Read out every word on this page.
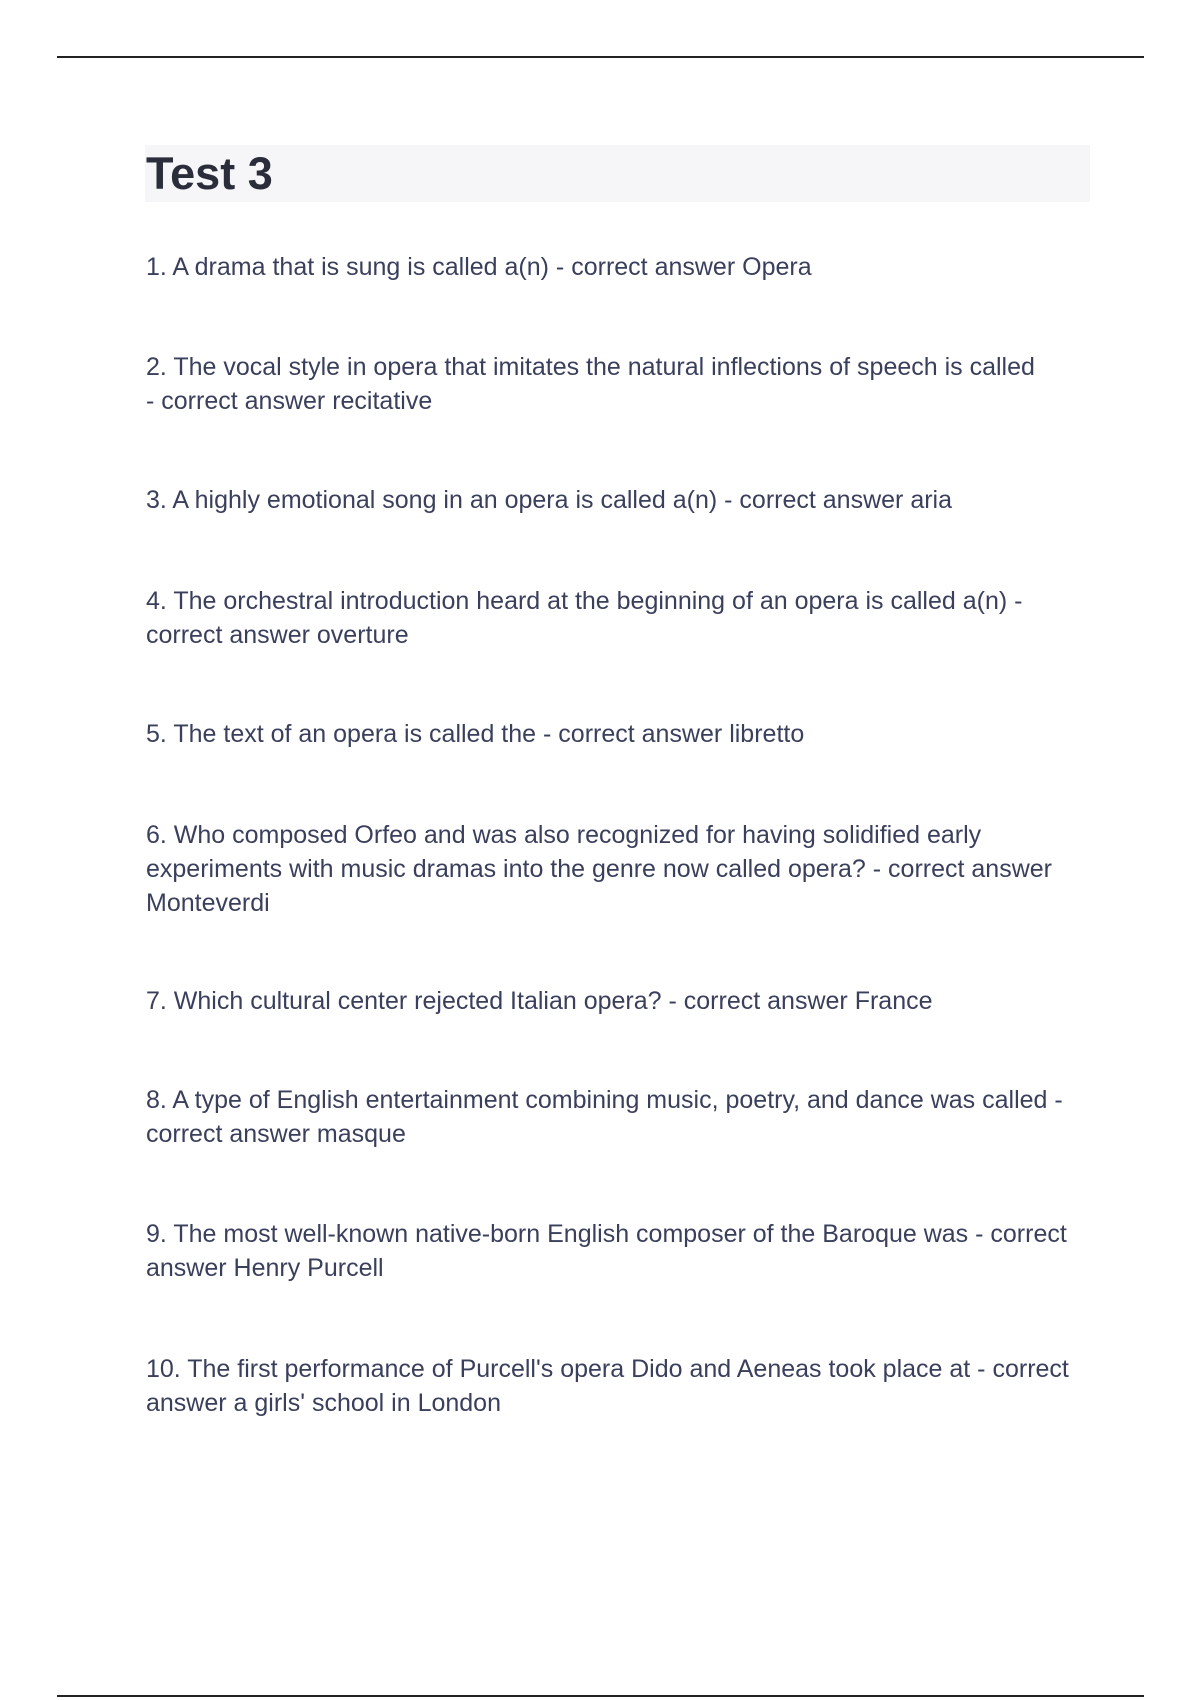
Test 3

1. A drama that is sung is called a(n) - correct answer Opera

2. The vocal style in opera that imitates the natural inflections of speech is called - correct answer recitative

3. A highly emotional song in an opera is called a(n) - correct answer aria

4. The orchestral introduction heard at the beginning of an opera is called a(n) - correct answer overture

5. The text of an opera is called the - correct answer libretto

6. Who composed Orfeo and was also recognized for having solidified early experiments with music dramas into the genre now called opera? - correct answer Monteverdi

7. Which cultural center rejected Italian opera? - correct answer France

8. A type of English entertainment combining music, poetry, and dance was called - correct answer masque

9. The most well-known native-born English composer of the Baroque was - correct answer Henry Purcell

10. The first performance of Purcell's opera Dido and Aeneas took place at - correct answer a girls' school in London
